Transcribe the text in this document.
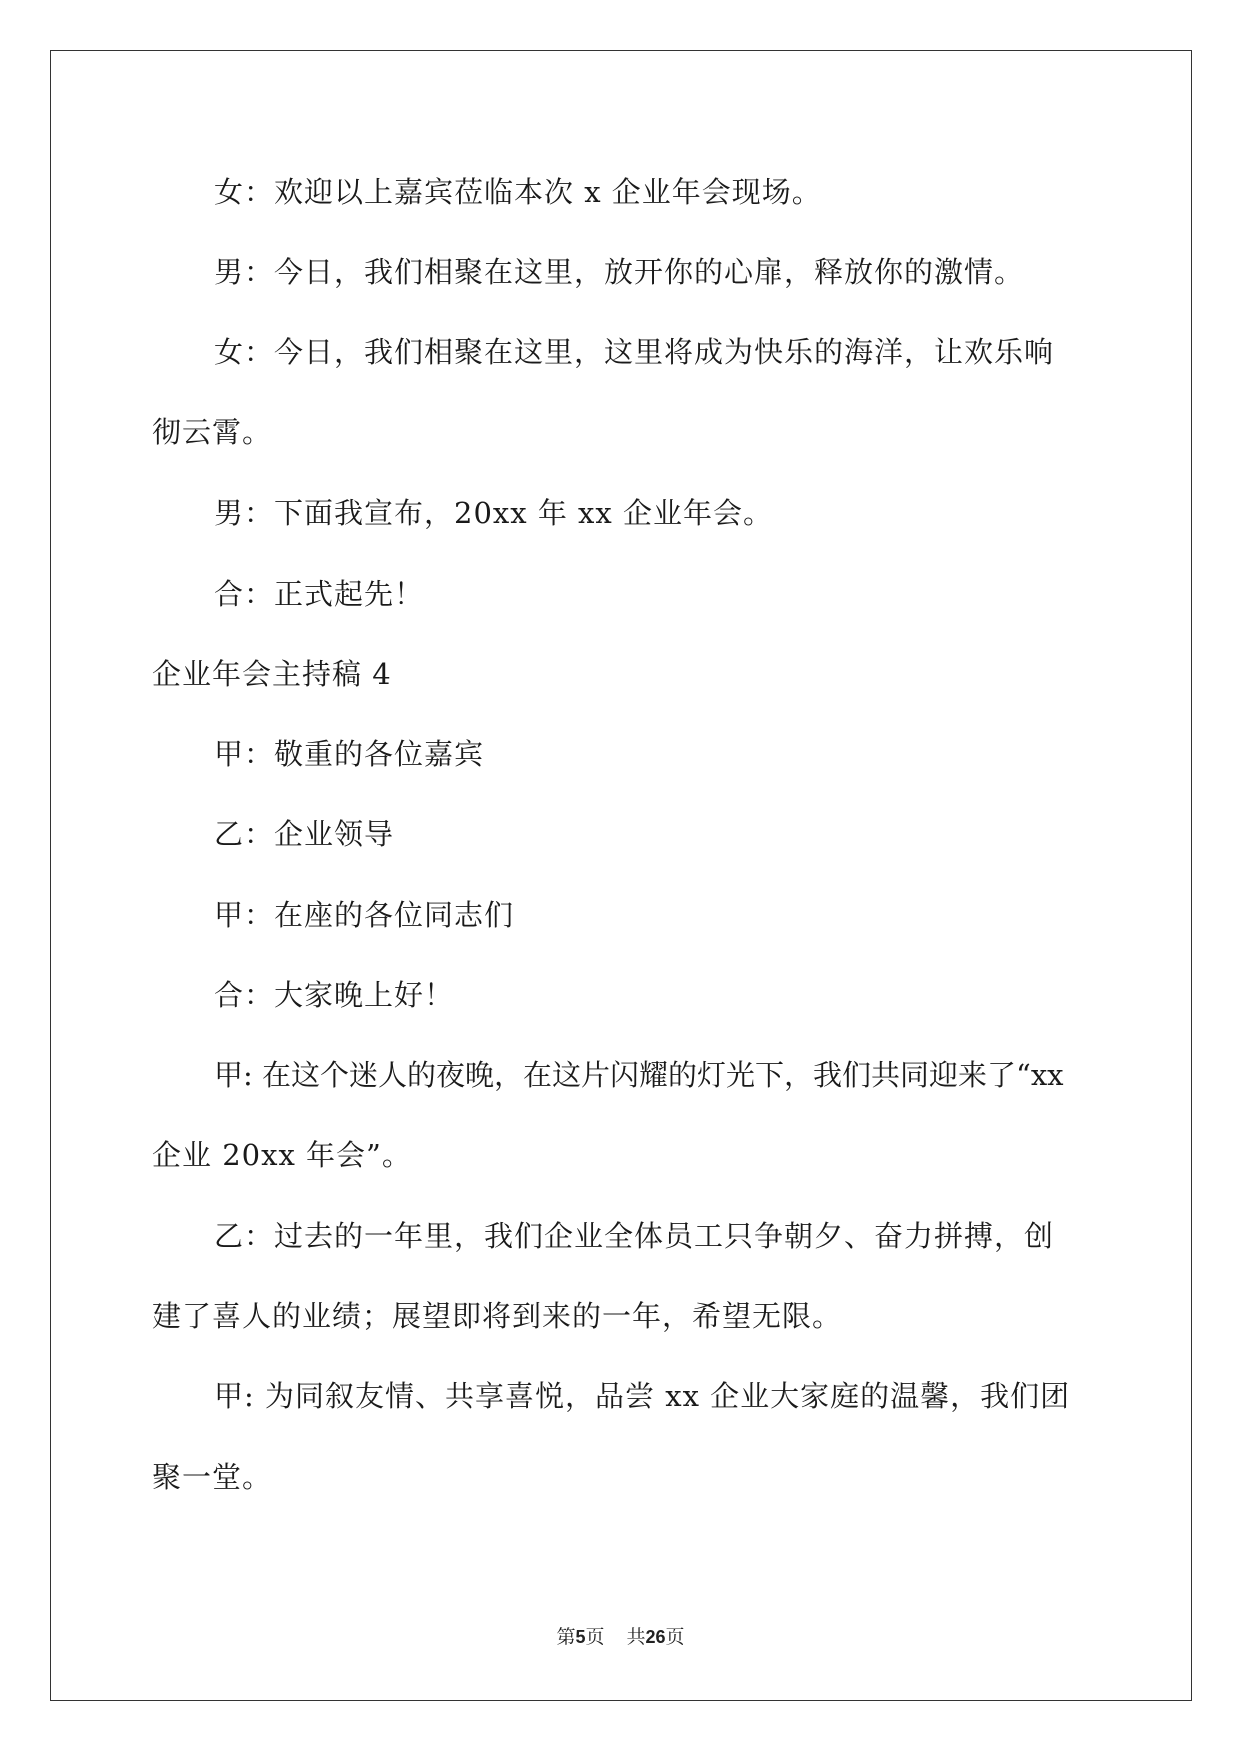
女：欢迎以上嘉宾莅临本次 x 企业年会现场。
男：今日，我们相聚在这里，放开你的心扉，释放你的激情。
女：今日，我们相聚在这里，这里将成为快乐的海洋，让欢乐响
彻云霄。
男：下面我宣布，20xx 年 xx 企业年会。
合：正式起先！
企业年会主持稿 4
甲：敬重的各位嘉宾
乙：企业领导
甲：在座的各位同志们
合：大家晚上好！
甲: 在这个迷人的夜晚，在这片闪耀的灯光下，我们共同迎来了“xx
企业 20xx 年会”。
乙：过去的一年里，我们企业全体员工只争朝夕、奋力拼搏，创
建了喜人的业绩；展望即将到来的一年，希望无限。
甲: 为同叙友情、共享喜悦，品尝 xx 企业大家庭的温馨，我们团
聚一堂。
第5页 共26页
